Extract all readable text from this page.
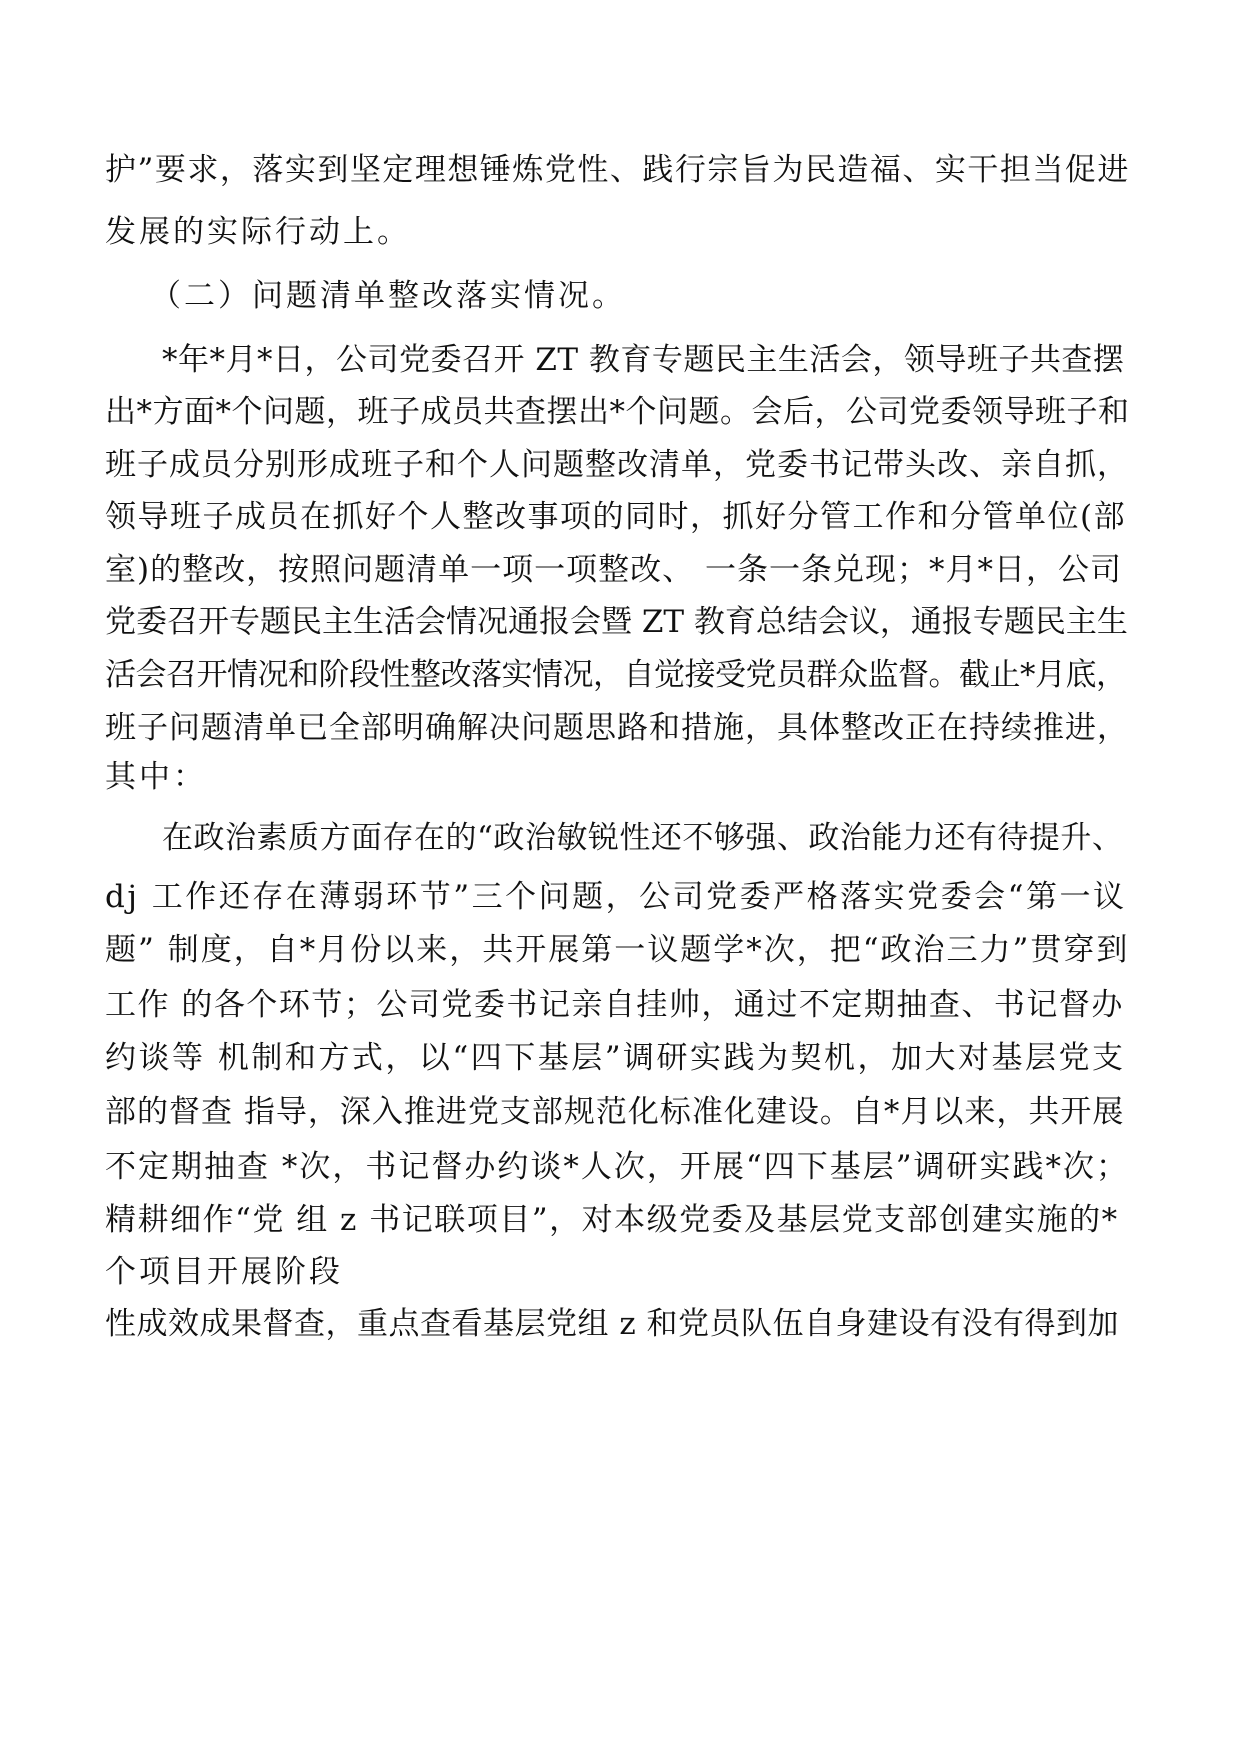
护”要求，落实到坚定理想锤炼党性、践行宗旨为民造福、实干担当促进

发展的实际行动上。

（二）问题清单整改落实情况。

*年*月*日，公司党委召开 ZT 教育专题民主生活会，领导班子共查摆

出*方面*个问题，班子成员共查摆出*个问题。会后，公司党委领导班子和

班子成员分别形成班子和个人问题整改清单，党委书记带头改、亲自抓，

领导班子成员在抓好个人整改事项的同时，抓好分管工作和分管单位(部

室)的整改，按照问题清单一项一项整改、 一条一条兑现；*月*日，公司

党委召开专题民主生活会情况通报会暨 ZT 教育总结会议，通报专题民主生

活会召开情况和阶段性整改落实情况，自觉接受党员群众监督。截止*月底，

班子问题清单已全部明确解决问题思路和措施，具体整改正在持续推进，

其中：

在政治素质方面存在的“政治敏锐性还不够强、政治能力还有待提升、

dj 工作还存在薄弱环节”三个问题，公司党委严格落实党委会“第一议

题” 制度，自*月份以来，共开展第一议题学*次，把“政治三力”贯穿到

工作 的各个环节；公司党委书记亲自挂帅，通过不定期抽查、书记督办

约谈等 机制和方式，以“四下基层”调研实践为契机，加大对基层党支

部的督查 指导，深入推进党支部规范化标准化建设。自*月以来，共开展

不定期抽查 *次，书记督办约谈*人次，开展“四下基层”调研实践*次；

精耕细作“党 组 z 书记联项目”，对本级党委及基层党支部创建实施的*

个项目开展阶段

性成效成果督查，重点查看基层党组 z 和党员队伍自身建设有没有得到加
